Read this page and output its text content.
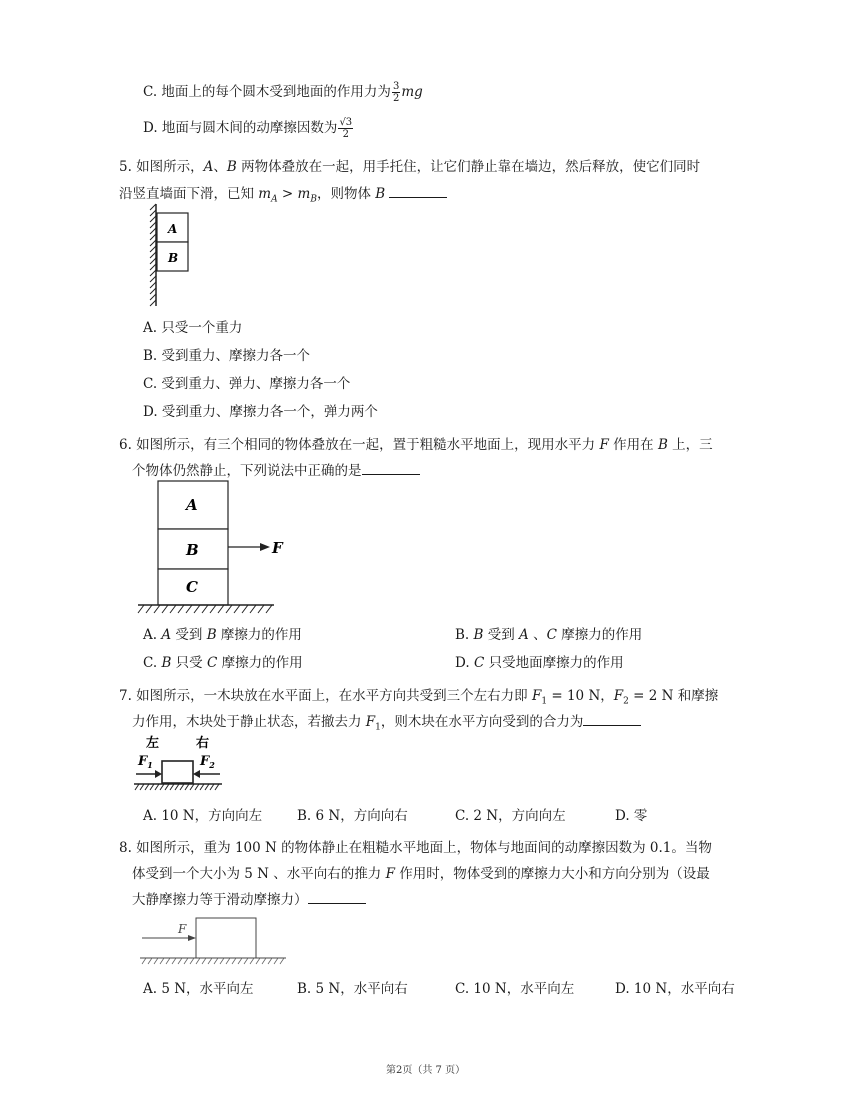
C. 地面上的每个圆木受到地面的作用力为 $\frac{3}{2}$ mg
D. 地面与圆木间的动摩擦因数为 $\frac{√3}{2}$
5. 如图所示，A、B 两物体叠放在一起，用手托住，让它们静止靠在墙边，然后释放，使它们同时
沿竖直墙面下滑，已知 $m_A > m_B$，则物体 B
A
B
A. 只受一个重力
B. 受到重力、摩擦力各一个
C. 受到重力、弹力、摩擦力各一个
D. 受到重力、摩擦力各一个，弹力两个
6. 如图所示，有三个相同的物体叠放在一起，置于粗糙水平地面上，现用水平力 F 作用在 B 上，三
个物体仍然静止，下列说法中正确的是
A
B
C
F
A. A 受到 B 摩擦力的作用	B. B 受到 A 、C 摩擦力的作用
C. B 只受 C 摩擦力的作用	D. C 只受地面摩擦力的作用
7. 如图所示，一木块放在水平面上，在水平方向共受到三个左右力即 $F_1 = 10$ N，$F_2 = 2$ N 和摩擦
力作用，木块处于静止状态，若撤去力 $F_1$，则木块在水平方向受到的合力为
左	右
$F_1$	$F_2$
A. 10 N，方向向左	B. 6 N，方向向右	C. 2 N，方向向左	D. 零
8. 如图所示，重为 100 N 的物体静止在粗糙水平地面上，物体与地面间的动摩擦因数为 0.1。当物
体受到一个大小为 5 N 、水平向右的推力 F 作用时，物体受到的摩擦力大小和方向分别为（设最
大静摩擦力等于滑动摩擦力）
F
A. 5 N，水平向左	B. 5 N，水平向右	C. 10 N，水平向左	D. 10 N，水平向右
第2页（共 7 页）
